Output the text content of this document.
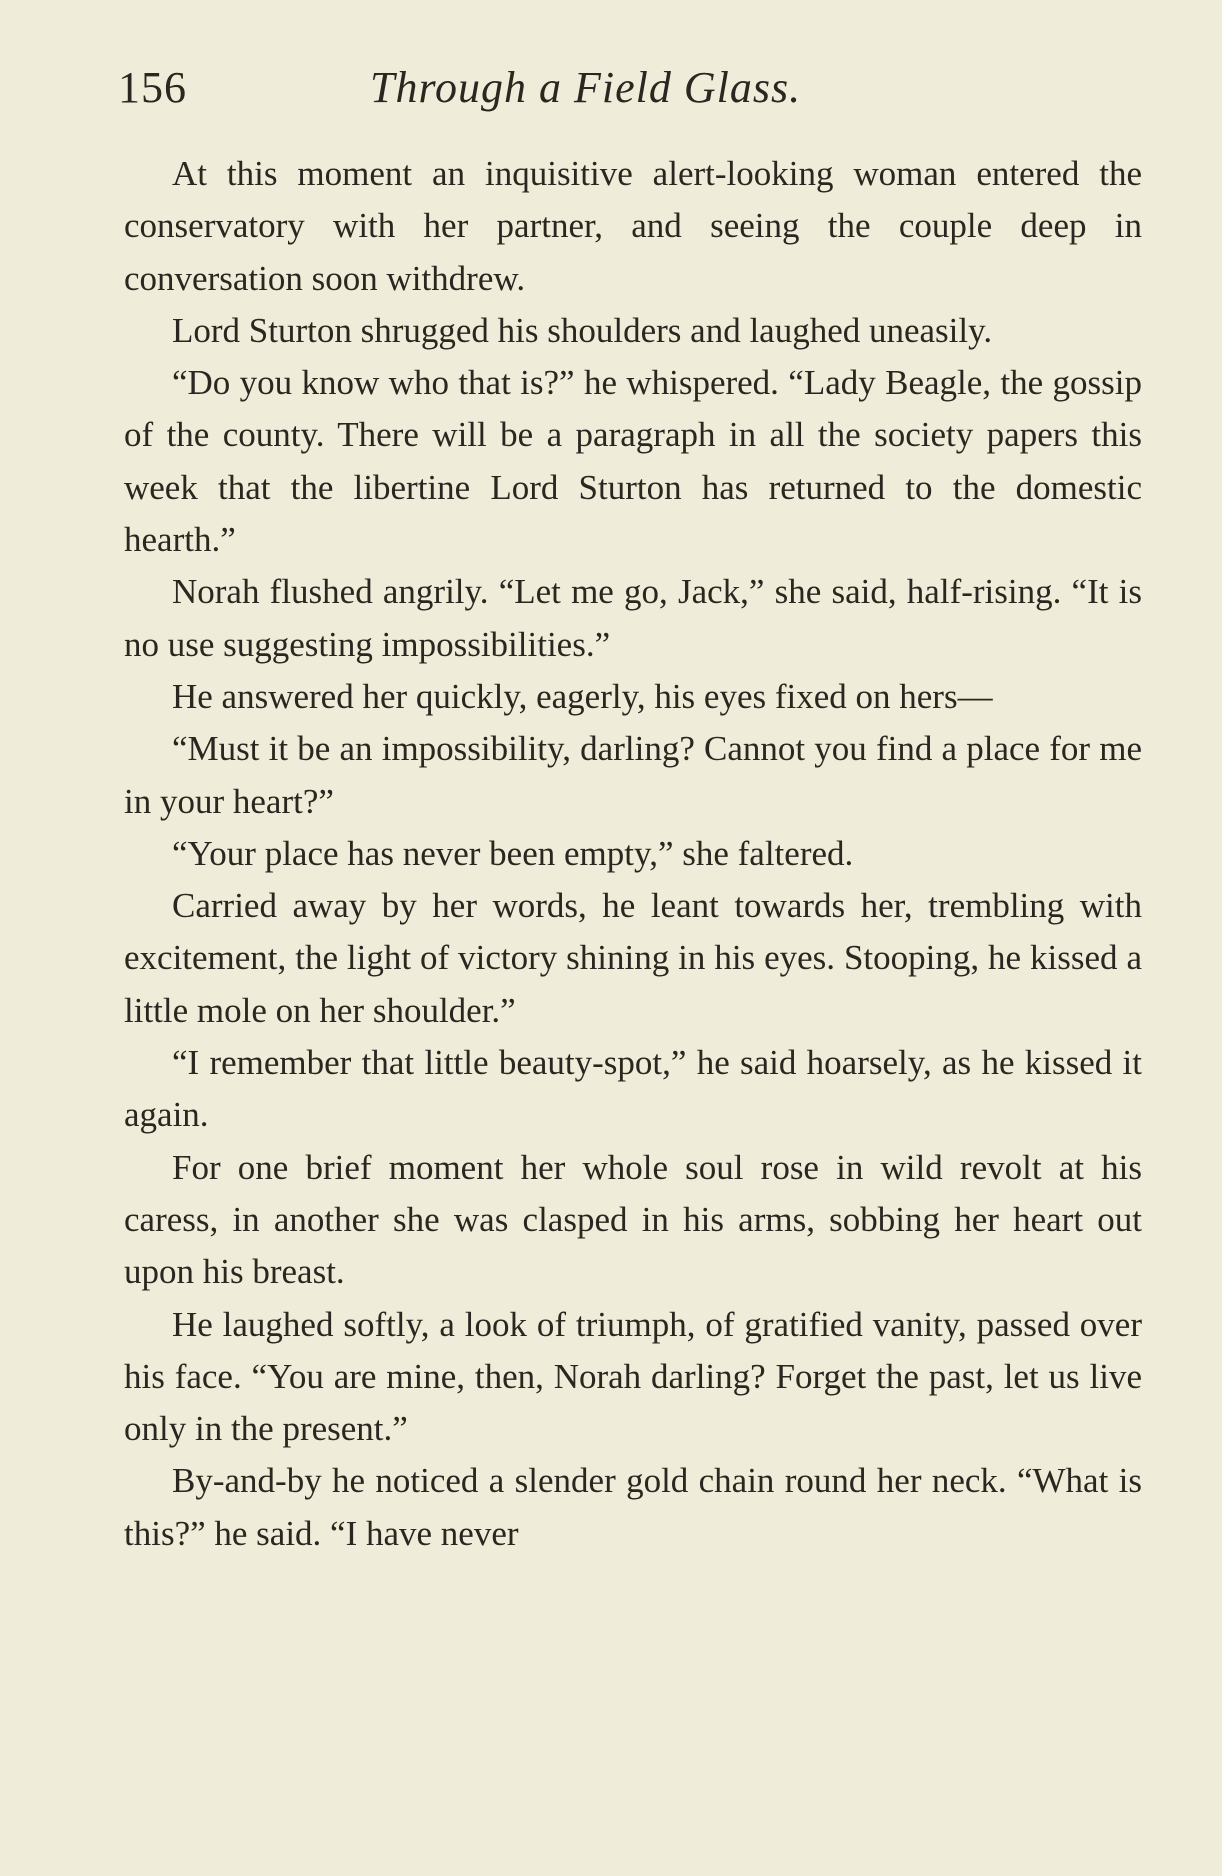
156	Through a Field Glass.

At this moment an inquisitive alert-looking woman entered the conservatory with her partner, and seeing the couple deep in conversation soon withdrew.

Lord Sturton shrugged his shoulders and laughed uneasily.

“Do you know who that is?” he whispered. “Lady Beagle, the gossip of the county. There will be a paragraph in all the society papers this week that the libertine Lord Sturton has returned to the domestic hearth.”

Norah flushed angrily. “Let me go, Jack,” she said, half-rising. “It is no use suggesting impossibilities.”

He answered her quickly, eagerly, his eyes fixed on hers—

“Must it be an impossibility, darling? Cannot you find a place for me in your heart?”

“Your place has never been empty,” she faltered.

Carried away by her words, he leant towards her, trembling with excitement, the light of victory shining in his eyes. Stooping, he kissed a little mole on her shoulder.”

“I remember that little beauty-spot,” he said hoarsely, as he kissed it again.

For one brief moment her whole soul rose in wild revolt at his caress, in another she was clasped in his arms, sobbing her heart out upon his breast.

He laughed softly, a look of triumph, of gratified vanity, passed over his face. “You are mine, then, Norah darling? Forget the past, let us live only in the present.”

By-and-by he noticed a slender gold chain round her neck. “What is this?” he said. “I have never
